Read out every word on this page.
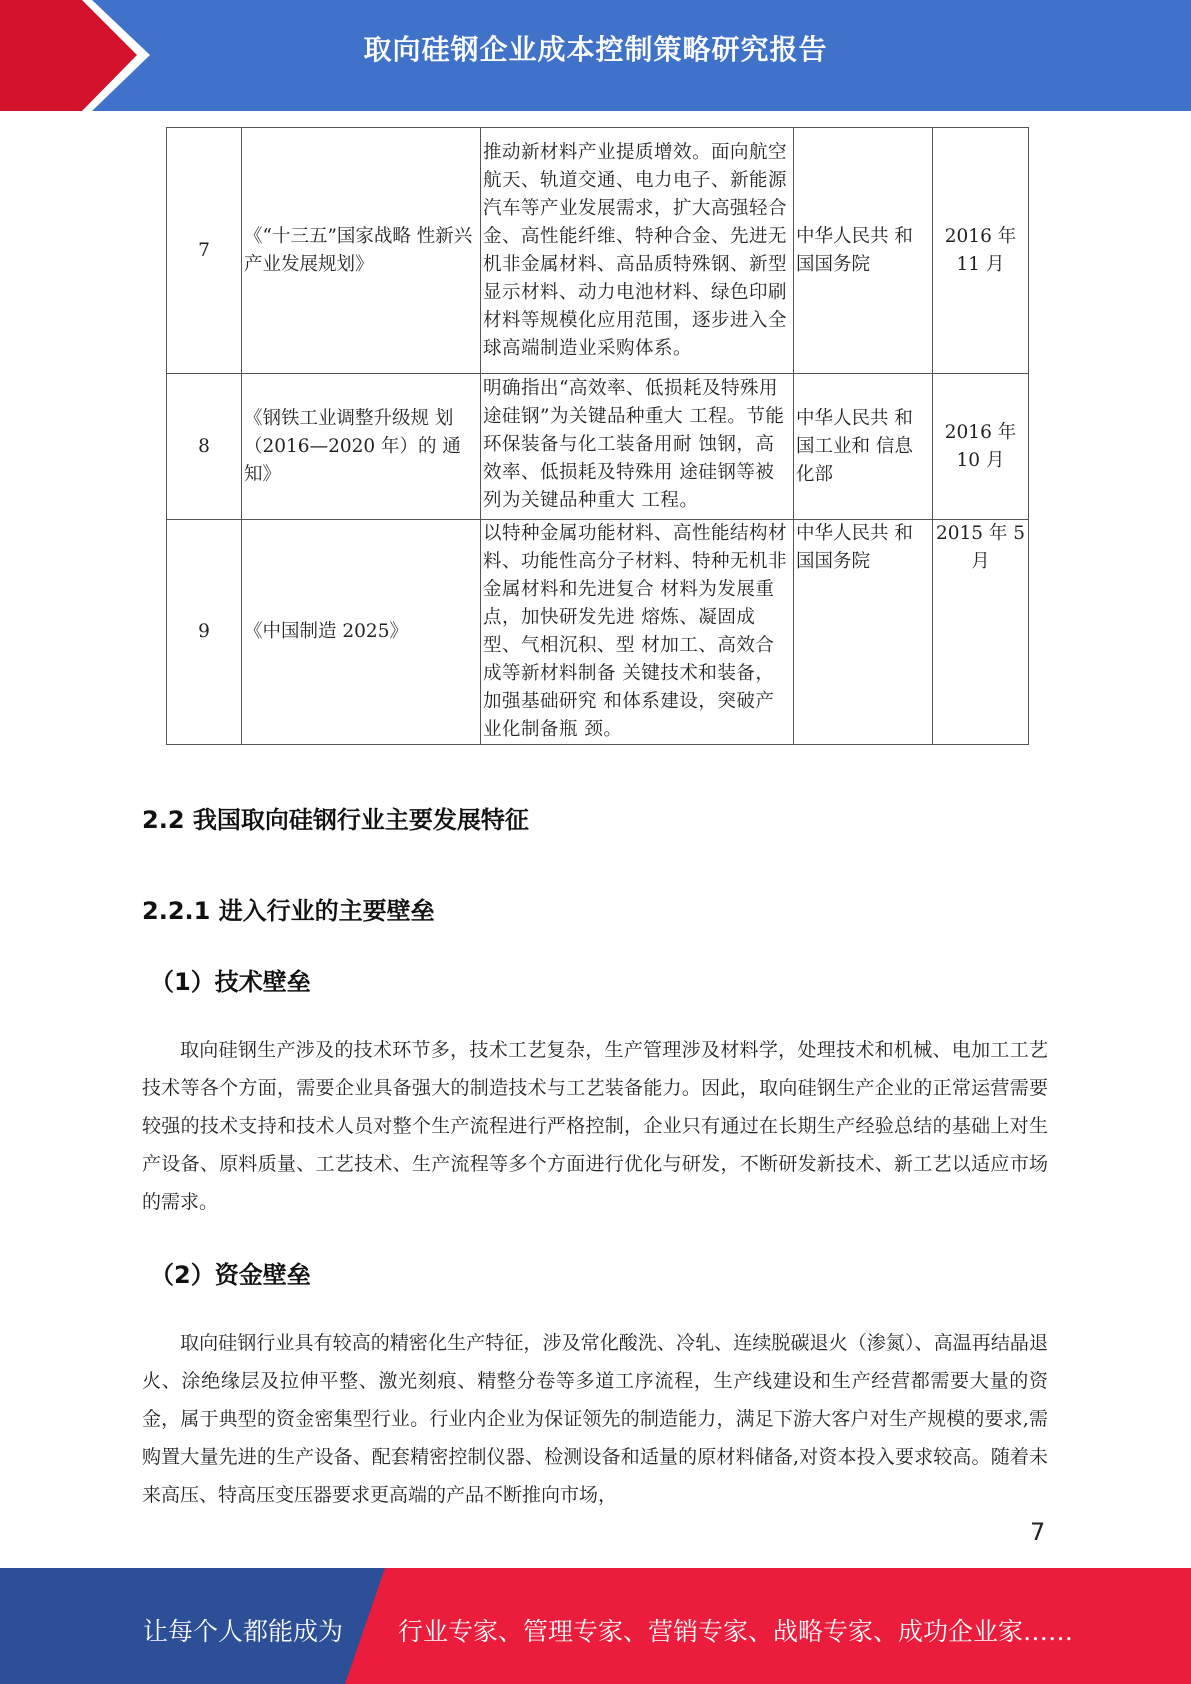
取向硅钢企业成本控制策略研究报告
7	《“十三五”国家战略 性新兴产业发展规划》	推动新材料产业提质增效。面向航空航天、轨道交通、电力电子、新能源汽车等产业发展需求，扩大高强轻合金、高性能纤维、特种合金、先进无机非金属材料、高品质特殊钢、新型显示材料、动力电池材料、绿色印刷材料等规模化应用范围，逐步进入全球高端制造业采购体系。	中华人民共 和国国务院	2016 年 11 月
8	《钢铁工业调整升级规 划（2016—2020 年）的 通知》	明确指出“高效率、低损耗及特殊用途硅钢”为关键品种重大 工程。节能环保装备与化工装备用耐 蚀钢，高效率、低损耗及特殊用 途硅钢等被列为关键品种重大 工程。	中华人民共 和国工业和 信息化部	2016 年 10 月
9	《中国制造 2025》	以特种金属功能材料、高性能结构材料、功能性高分子材料、特种无机非金属材料和先进复合 材料为发展重点，加快研发先进 熔炼、凝固成型、气相沉积、型 材加工、高效合成等新材料制备 关键技术和装备，加强基础研究 和体系建设，突破产业化制备瓶 颈。	中华人民共 和国国务院	2015 年 5 月
2.2 我国取向硅钢行业主要发展特征
2.2.1 进入行业的主要壁垒
（1）技术壁垒

取向硅钢生产涉及的技术环节多，技术工艺复杂，生产管理涉及材料学，处理技术和机械、电加工工艺技术等各个方面，需要企业具备强大的制造技术与工艺装备能力。因此，取向硅钢生产企业的正常运营需要较强的技术支持和技术人员对整个生产流程进行严格控制，企业只有通过在长期生产经验总结的基础上对生产设备、原料质量、工艺技术、生产流程等多个方面进行优化与研发，不断研发新技术、新工艺以适应市场的需求。

（2）资金壁垒

取向硅钢行业具有较高的精密化生产特征，涉及常化酸洗、冷轧、连续脱碳退火（渗氮）、高温再结晶退火、涂绝缘层及拉伸平整、激光刻痕、精整分卷等多道工序流程，生产线建设和生产经营都需要大量的资金，属于典型的资金密集型行业。行业内企业为保证领先的制造能力，满足下游大客户对生产规模的要求,需购置大量先进的生产设备、配套精密控制仪器、检测设备和适量的原材料储备,对资本投入要求较高。随着未来高压、特高压变压器要求更高端的产品不断推向市场，

7
让每个人都能成为 行业专家、管理专家、营销专家、战略专家、成功企业家……
